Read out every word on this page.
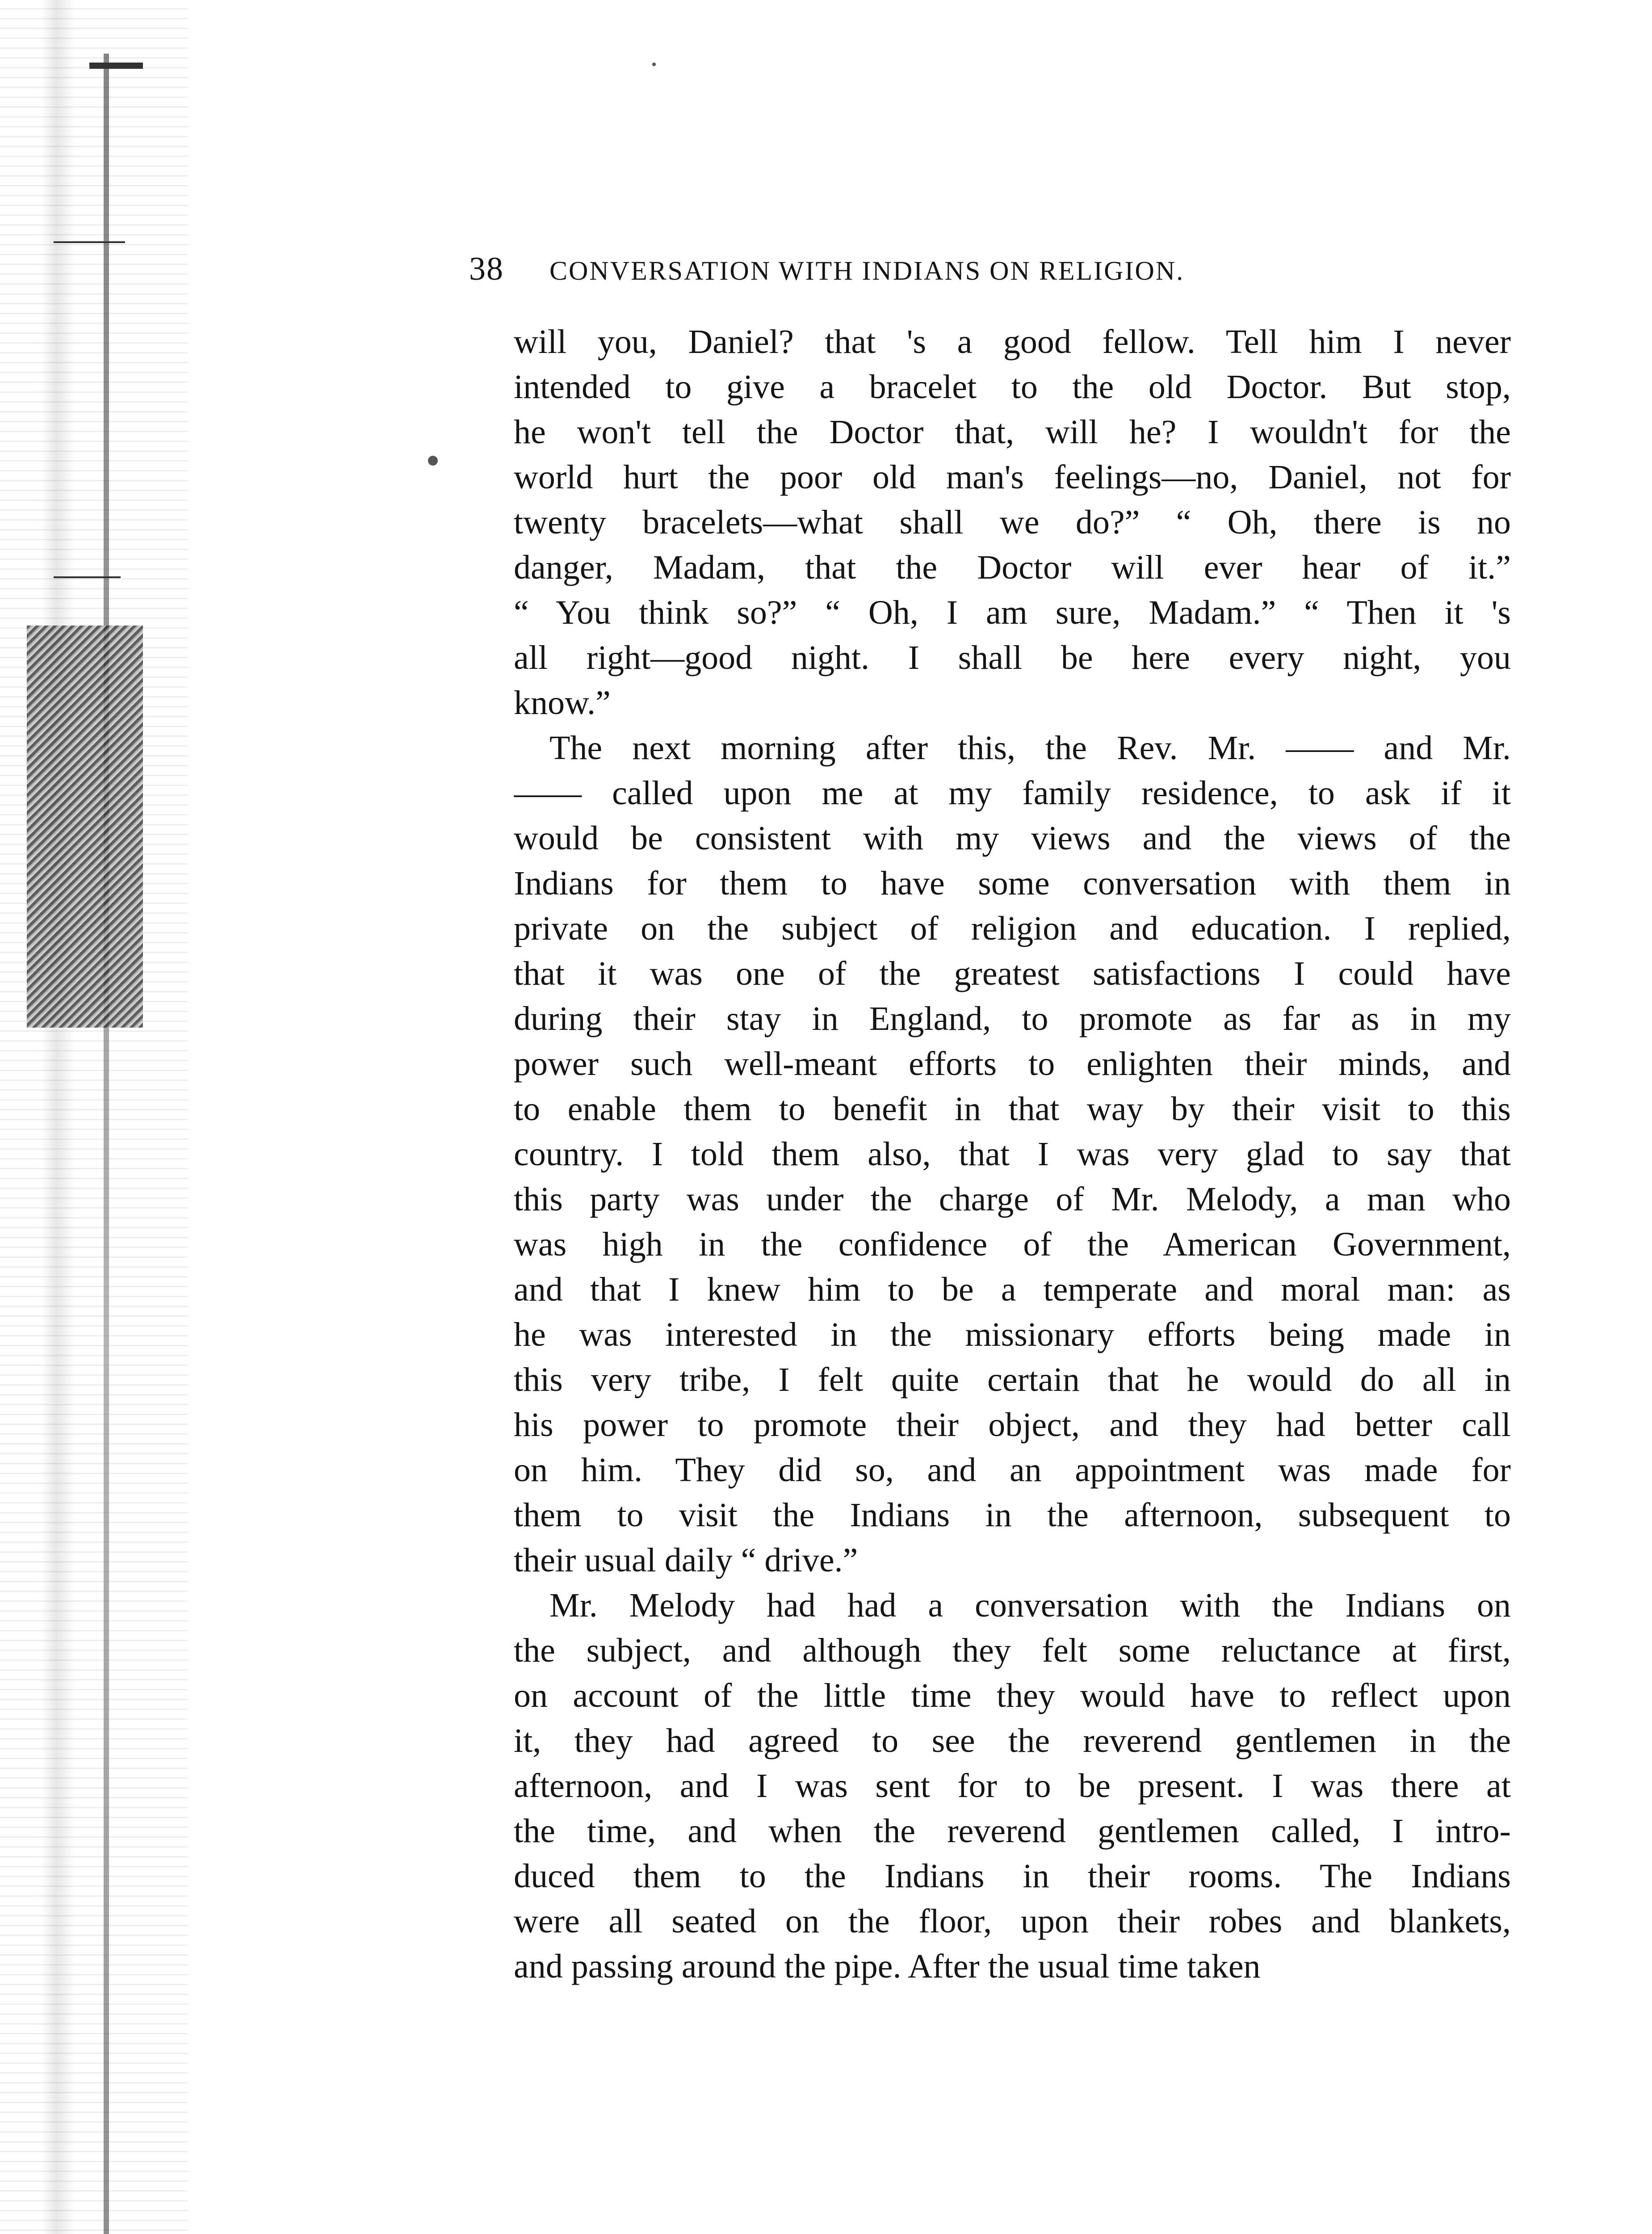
38	CONVERSATION WITH INDIANS ON RELIGION.
will you, Daniel? that 's a good fellow. Tell him I never
intended to give a bracelet to the old Doctor. But stop,
he won't tell the Doctor that, will he? I wouldn't for the
world hurt the poor old man's feelings—no, Daniel, not for
twenty bracelets—what shall we do?” “ Oh, there is no
danger, Madam, that the Doctor will ever hear of it.”
“ You think so?” “ Oh, I am sure, Madam.” “ Then it 's
all right—good night. I shall be here every night, you
know.”
The next morning after this, the Rev. Mr. —— and Mr.
—— called upon me at my family residence, to ask if it
would be consistent with my views and the views of the
Indians for them to have some conversation with them in
private on the subject of religion and education. I replied,
that it was one of the greatest satisfactions I could have
during their stay in England, to promote as far as in my
power such well-meant efforts to enlighten their minds, and
to enable them to benefit in that way by their visit to this
country. I told them also, that I was very glad to say that
this party was under the charge of Mr. Melody, a man who
was high in the confidence of the American Government,
and that I knew him to be a temperate and moral man: as
he was interested in the missionary efforts being made in
this very tribe, I felt quite certain that he would do all in
his power to promote their object, and they had better call
on him. They did so, and an appointment was made for
them to visit the Indians in the afternoon, subsequent to
their usual daily “ drive.”
Mr. Melody had had a conversation with the Indians on
the subject, and although they felt some reluctance at first,
on account of the little time they would have to reflect upon
it, they had agreed to see the reverend gentlemen in the
afternoon, and I was sent for to be present. I was there at
the time, and when the reverend gentlemen called, I intro-
duced them to the Indians in their rooms. The Indians
were all seated on the floor, upon their robes and blankets,
and passing around the pipe. After the usual time taken
